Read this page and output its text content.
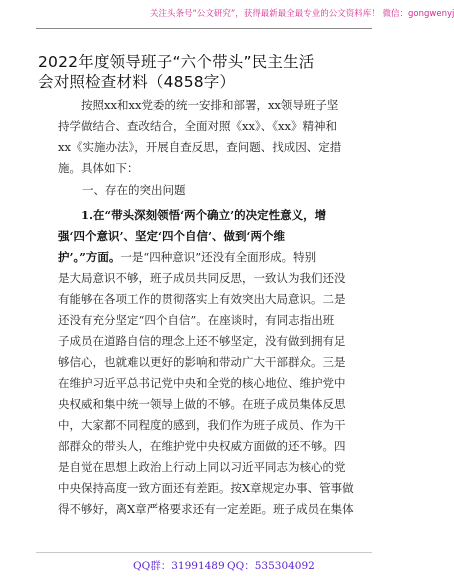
关注头条号“公文研究”，获得最新最全最专业的公文资料库！ 微信：gongwenyj
2022年度领导班子“六个带头”民主生活
会对照检查材料（4858字）
按照xx和xx党委的统一安排和部署，xx领导班子坚
持学做结合、查改结合，全面对照《xx》、《xx》精神和
xx《实施办法》，开展自查反思，查问题、找成因、定措
施。具体如下：
一、存在的突出问题
1.在“带头深刻领悟‘两个确立’的决定性意义，增
强‘四个意识’、坚定‘四个自信’、做到‘两个维
护’。”方面。一是“四种意识”还没有全面形成。特别
是大局意识不够，班子成员共同反思，一致认为我们还没
有能够在各项工作的贯彻落实上有效突出大局意识。二是
还没有充分坚定“四个自信”。在座谈时，有同志指出班
子成员在道路自信的理念上还不够坚定，没有做到拥有足
够信心，也就难以更好的影响和带动广大干部群众。三是
在维护习近平总书记党中央和全党的核心地位、维护党中
央权威和集中统一领导上做的不够。在班子成员集体反思
中，大家都不同程度的感到，我们作为班子成员、作为干
部群众的带头人，在维护党中央权威方面做的还不够。四
是自觉在思想上政治上行动上同以习近平同志为核心的党
中央保持高度一致方面还有差距。按X章规定办事、管事做
得不够好，离X章严格要求还有一定差距。班子成员在集体
QQ群：31991489 QQ：535304092
